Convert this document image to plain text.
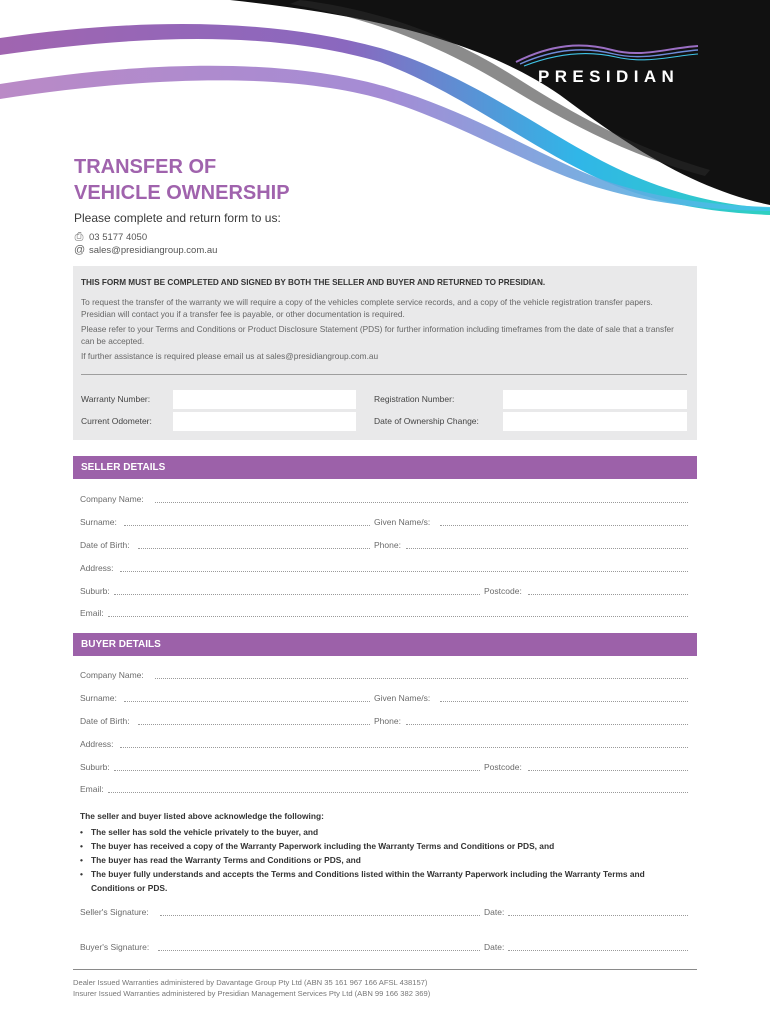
PRESIDIAN
TRANSFER OF
VEHICLE OWNERSHIP
Please complete and return form to us:
⎙ 03 5177 4050
@ sales@presidiangroup.com.au
THIS FORM MUST BE COMPLETED AND SIGNED BY BOTH THE SELLER AND BUYER AND RETURNED TO PRESIDIAN.
To request the transfer of the warranty we will require a copy of the vehicles complete service records, and a copy of the vehicle registration transfer papers. Presidian will contact you if a transfer fee is payable, or other documentation is required.
Please refer to your Terms and Conditions or Product Disclosure Statement (PDS) for further information including timeframes from the date of sale that a transfer can be accepted.
If further assistance is required please email us at sales@presidiangroup.com.au
Warranty Number:	Registration Number:
Current Odometer:	Date of Ownership Change:
SELLER DETAILS
Company Name:
Surname:	Given Name/s:
Date of Birth:	Phone:
Address:
Suburb:	Postcode:
Email:
BUYER DETAILS
Company Name:
Surname:	Given Name/s:
Date of Birth:	Phone:
Address:
Suburb:	Postcode:
Email:
The seller and buyer listed above acknowledge the following:
• The seller has sold the vehicle privately to the buyer, and
• The buyer has received a copy of the Warranty Paperwork including the Warranty Terms and Conditions or PDS, and
• The buyer has read the Warranty Terms and Conditions or PDS, and
• The buyer fully understands and accepts the Terms and Conditions listed within the Warranty Paperwork including the Warranty Terms and Conditions or PDS.
Seller's Signature:	Date:
Buyer's Signature:	Date:
Dealer Issued Warranties administered by Davantage Group Pty Ltd (ABN 35 161 967 166 AFSL 438157)
Insurer Issued Warranties administered by Presidian Management Services Pty Ltd (ABN 99 166 382 369)
